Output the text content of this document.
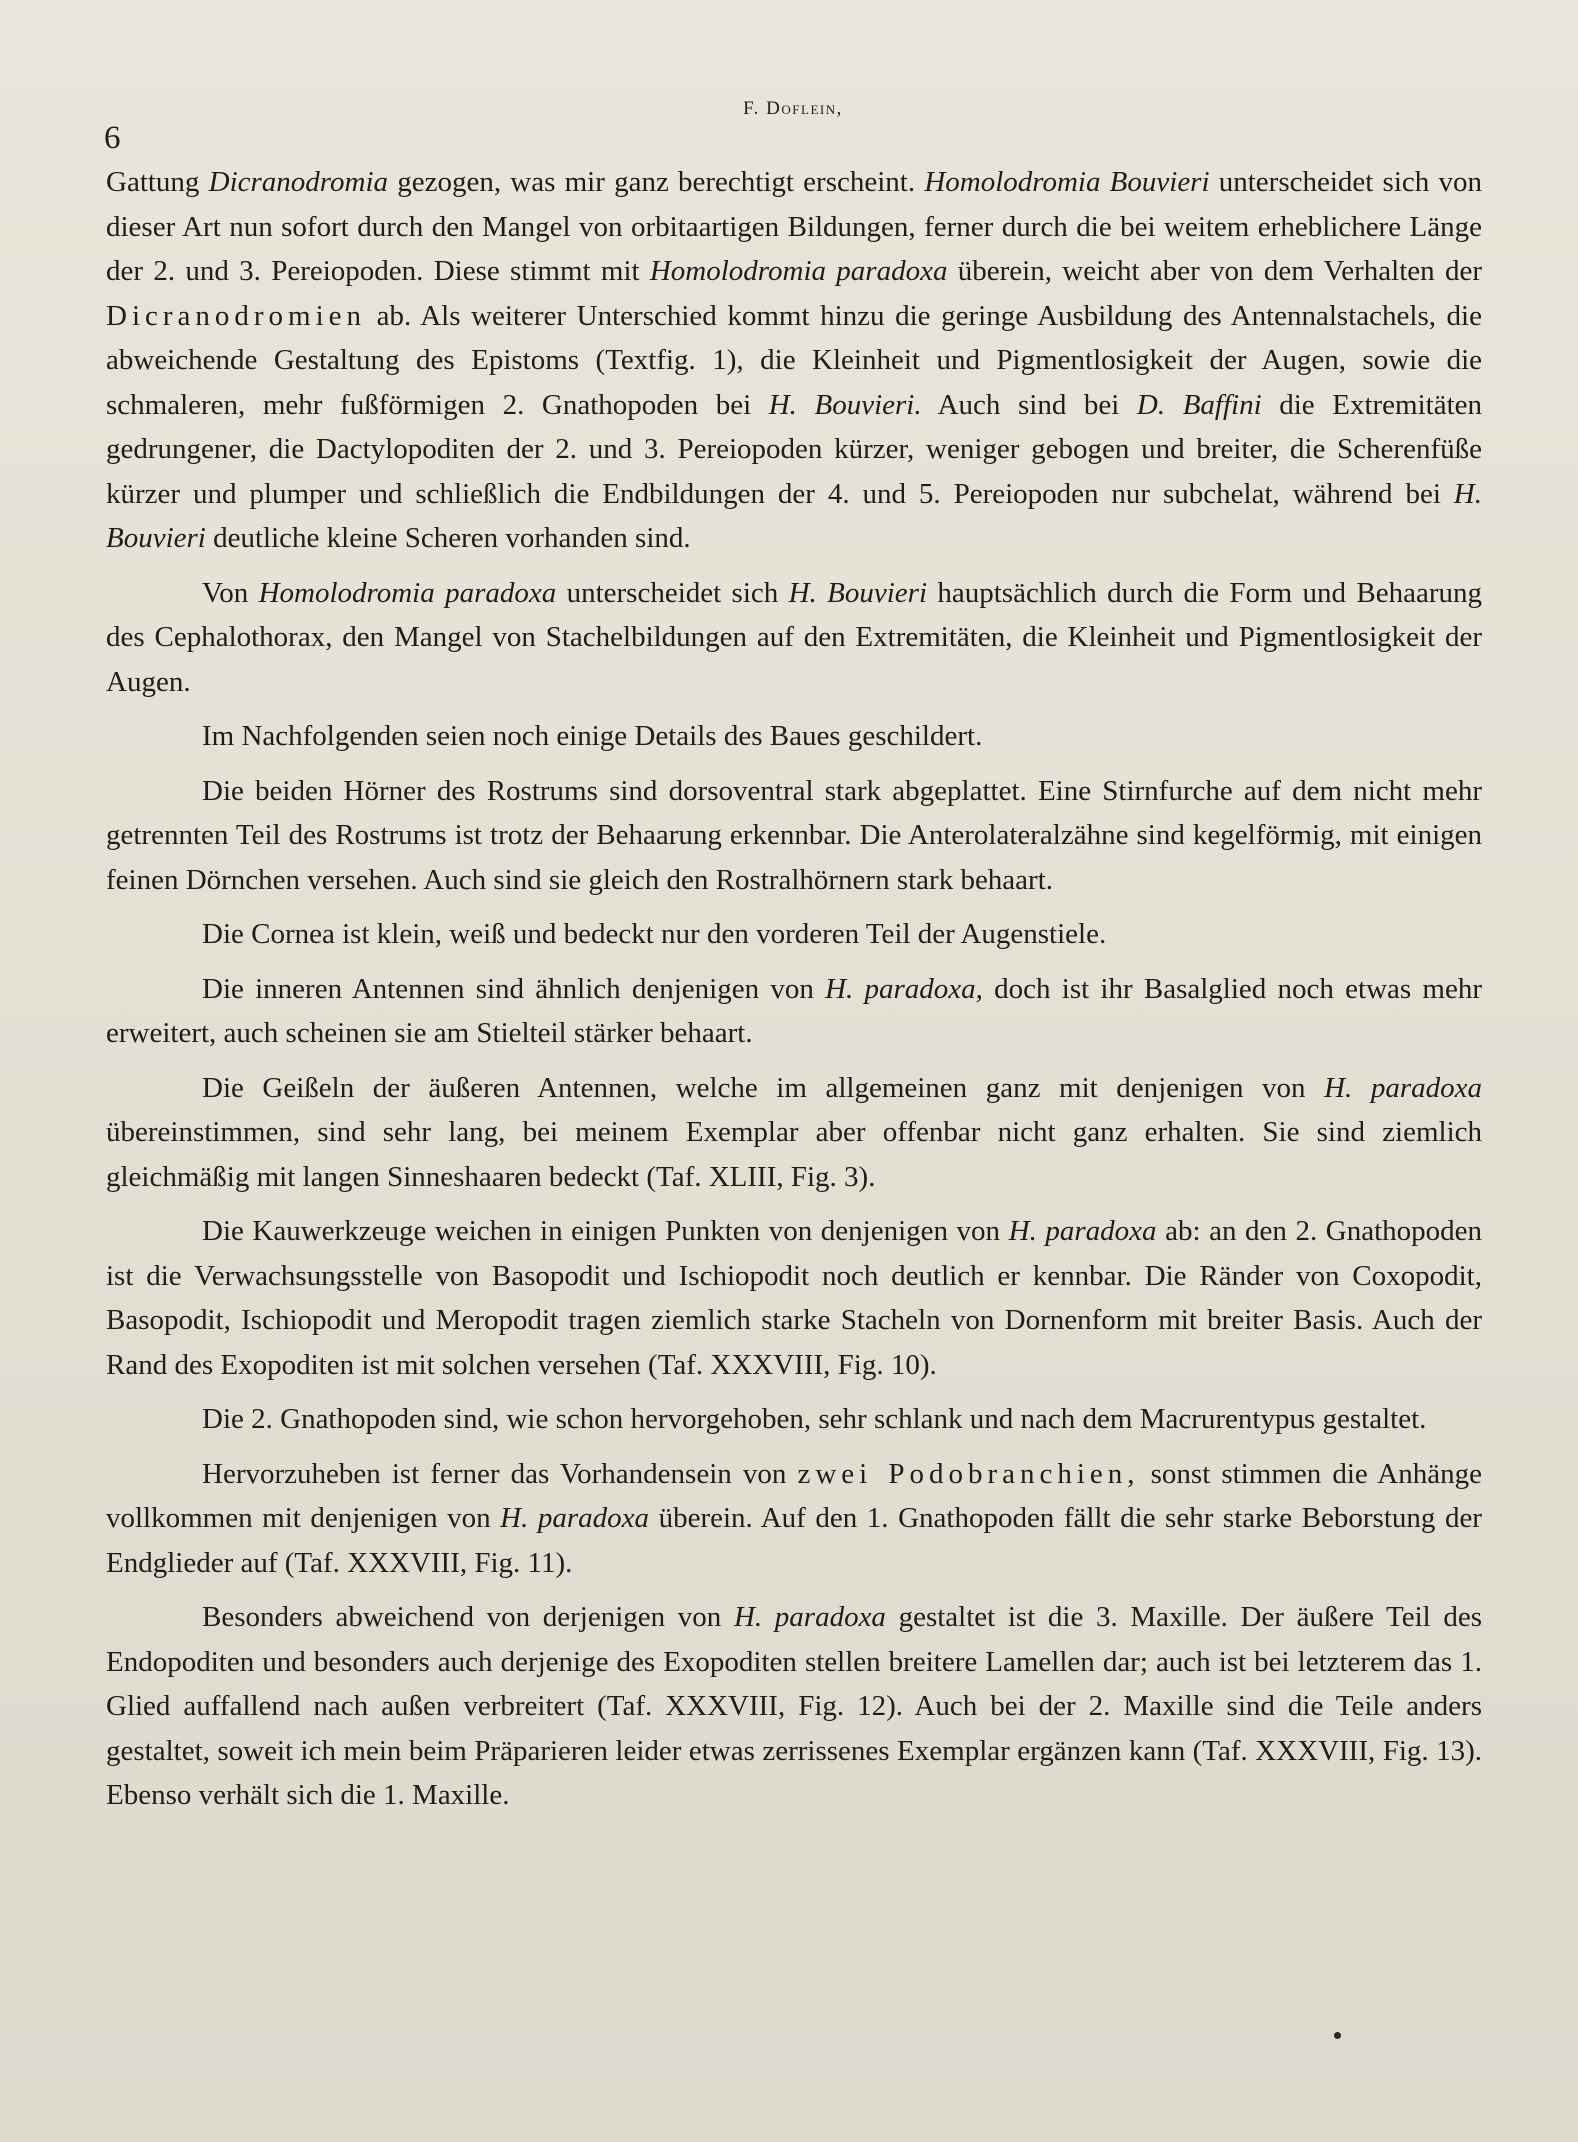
6
F. Doflein,

Gattung Dicranodromia gezogen, was mir ganz berechtigt erscheint. Homolodromia Bouvieri unterscheidet sich von dieser Art nun sofort durch den Mangel von orbitaartigen Bildungen, ferner durch die bei weitem erheblichere Länge der 2. und 3. Pereiopoden. Diese stimmt mit Homolodromia paradoxa überein, weicht aber von dem Verhalten der Dicranodromien ab. Als weiterer Unterschied kommt hinzu die geringe Ausbildung des Antennalstachels, die abweichende Gestaltung des Epistoms (Textfig. 1), die Kleinheit und Pigmentlosigkeit der Augen, sowie die schmaleren, mehr fußförmigen 2. Gnathopoden bei H. Bouvieri. Auch sind bei D. Baffini die Extremitäten gedrungener, die Dactylopoditen der 2. und 3. Pereiopoden kürzer, weniger gebogen und breiter, die Scherenfüße kürzer und plumper und schließlich die Endbildungen der 4. und 5. Pereiopoden nur subchelat, während bei H. Bouvieri deutliche kleine Scheren vorhanden sind.

Von Homolodromia paradoxa unterscheidet sich H. Bouvieri hauptsächlich durch die Form und Behaarung des Cephalothorax, den Mangel von Stachelbildungen auf den Extremitäten, die Kleinheit und Pigmentlosigkeit der Augen.

Im Nachfolgenden seien noch einige Details des Baues geschildert.

Die beiden Hörner des Rostrums sind dorsoventral stark abgeplattet. Eine Stirnfurche auf dem nicht mehr getrennten Teil des Rostrums ist trotz der Behaarung erkennbar. Die Anterolateralzähne sind kegelförmig, mit einigen feinen Dörnchen versehen. Auch sind sie gleich den Rostralhörnern stark behaart.

Die Cornea ist klein, weiß und bedeckt nur den vorderen Teil der Augenstiele.

Die inneren Antennen sind ähnlich denjenigen von H. paradoxa, doch ist ihr Basalglied noch etwas mehr erweitert, auch scheinen sie am Stielteil stärker behaart.

Die Geißeln der äußeren Antennen, welche im allgemeinen ganz mit denjenigen von H. paradoxa übereinstimmen, sind sehr lang, bei meinem Exemplar aber offenbar nicht ganz erhalten. Sie sind ziemlich gleichmäßig mit langen Sinneshaaren bedeckt (Taf. XLIII, Fig. 3).

Die Kauwerkzeuge weichen in einigen Punkten von denjenigen von H. paradoxa ab: an den 2. Gnathopoden ist die Verwachsungsstelle von Basopodit und Ischiopodit noch deutlich er kennbar. Die Ränder von Coxopodit, Basopodit, Ischiopodit und Meropodit tragen ziemlich starke Stacheln von Dornenform mit breiter Basis. Auch der Rand des Exopoditen ist mit solchen versehen (Taf. XXXVIII, Fig. 10).

Die 2. Gnathopoden sind, wie schon hervorgehoben, sehr schlank und nach dem Macrurentypus gestaltet.

Hervorzuheben ist ferner das Vorhandensein von zwei Podobranchien, sonst stimmen die Anhänge vollkommen mit denjenigen von H. paradoxa überein. Auf den 1. Gnathopoden fällt die sehr starke Beborstung der Endglieder auf (Taf. XXXVIII, Fig. 11).

Besonders abweichend von derjenigen von H. paradoxa gestaltet ist die 3. Maxille. Der äußere Teil des Endopoditen und besonders auch derjenige des Exopoditen stellen breitere Lamellen dar; auch ist bei letzterem das 1. Glied auffallend nach außen verbreitert (Taf. XXXVIII, Fig. 12). Auch bei der 2. Maxille sind die Teile anders gestaltet, soweit ich mein beim Präparieren leider etwas zerrissenes Exemplar ergänzen kann (Taf. XXXVIII, Fig. 13). Ebenso verhält sich die 1. Maxille.
